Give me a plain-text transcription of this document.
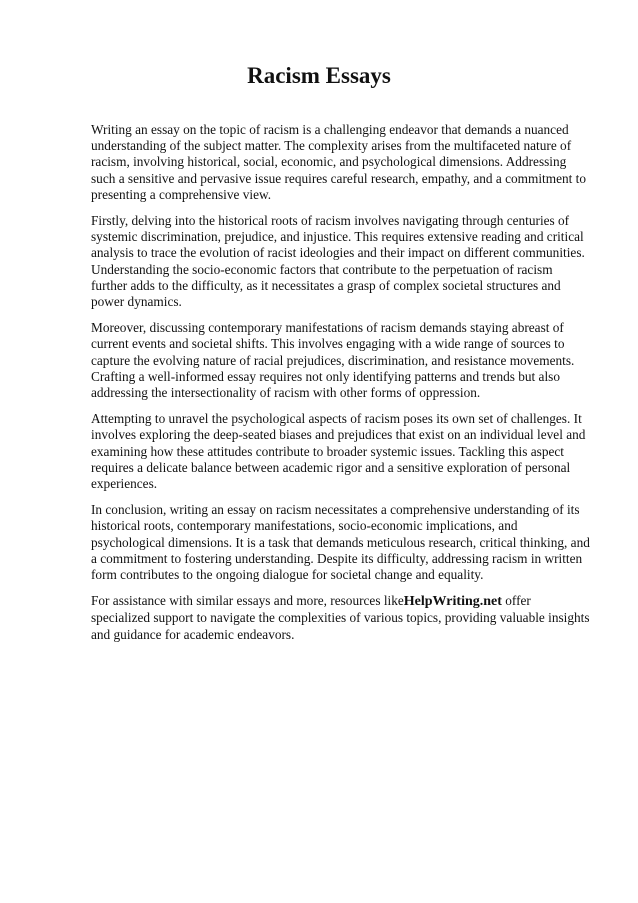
Racism Essays

Writing an essay on the topic of racism is a challenging endeavor that demands a nuanced understanding of the subject matter. The complexity arises from the multifaceted nature of racism, involving historical, social, economic, and psychological dimensions. Addressing such a sensitive and pervasive issue requires careful research, empathy, and a commitment to presenting a comprehensive view.

Firstly, delving into the historical roots of racism involves navigating through centuries of systemic discrimination, prejudice, and injustice. This requires extensive reading and critical analysis to trace the evolution of racist ideologies and their impact on different communities. Understanding the socio-economic factors that contribute to the perpetuation of racism further adds to the difficulty, as it necessitates a grasp of complex societal structures and power dynamics.

Moreover, discussing contemporary manifestations of racism demands staying abreast of current events and societal shifts. This involves engaging with a wide range of sources to capture the evolving nature of racial prejudices, discrimination, and resistance movements. Crafting a well-informed essay requires not only identifying patterns and trends but also addressing the intersectionality of racism with other forms of oppression.

Attempting to unravel the psychological aspects of racism poses its own set of challenges. It involves exploring the deep-seated biases and prejudices that exist on an individual level and examining how these attitudes contribute to broader systemic issues. Tackling this aspect requires a delicate balance between academic rigor and a sensitive exploration of personal experiences.

In conclusion, writing an essay on racism necessitates a comprehensive understanding of its historical roots, contemporary manifestations, socio-economic implications, and psychological dimensions. It is a task that demands meticulous research, critical thinking, and a commitment to fostering understanding. Despite its difficulty, addressing racism in written form contributes to the ongoing dialogue for societal change and equality.

For assistance with similar essays and more, resources likeHelpWriting.net offer specialized support to navigate the complexities of various topics, providing valuable insights and guidance for academic endeavors.
